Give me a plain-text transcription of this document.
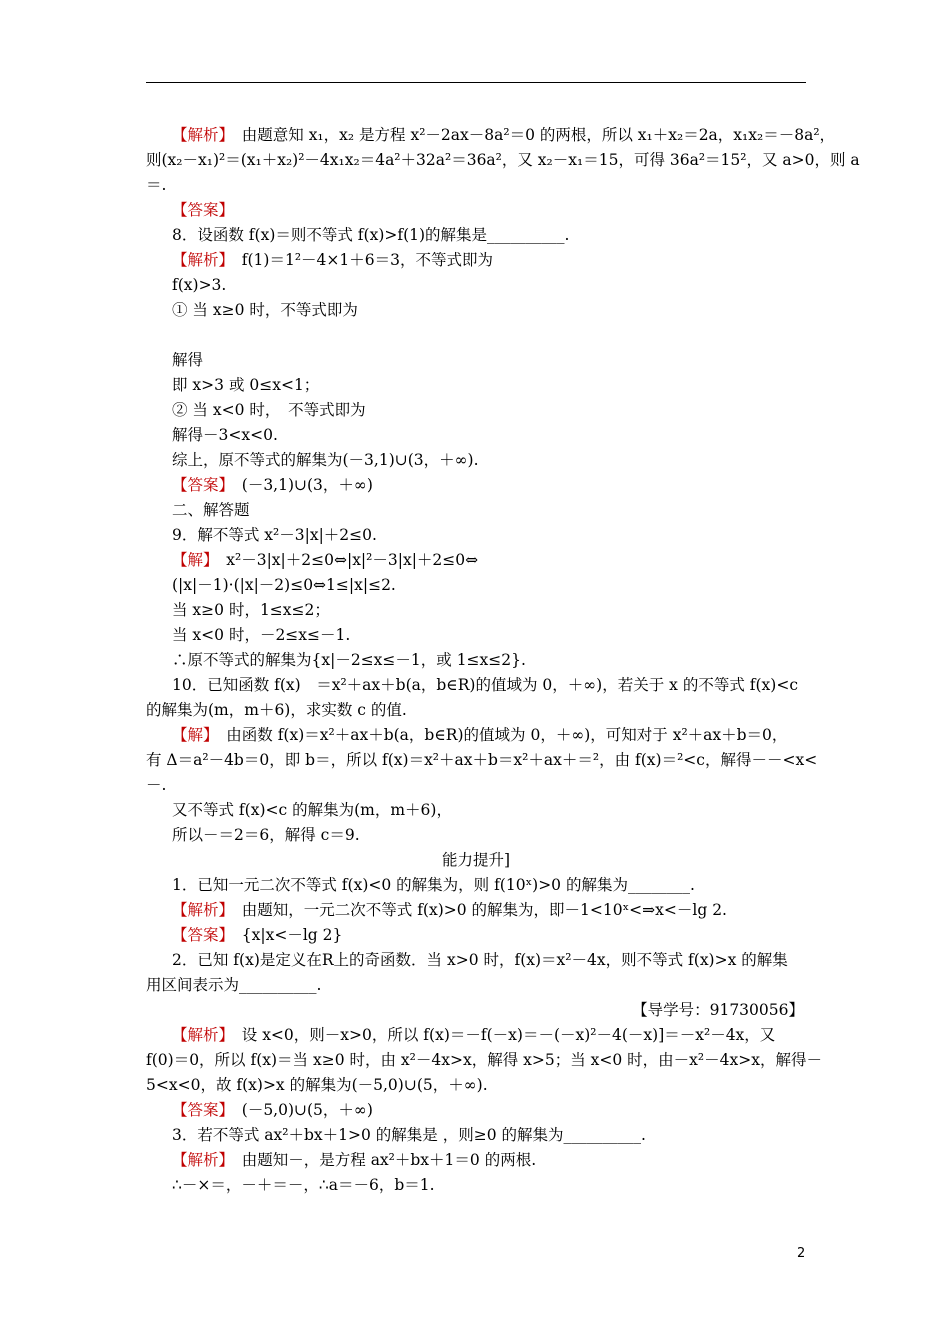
【解析】　由题意知 x₁，x₂ 是方程 x²－2ax－8a²＝0 的两根，所以 x₁＋x₂＝2a，x₁x₂＝－8a²，
则(x₂－x₁)²＝(x₁＋x₂)²－4x₁x₂＝4a²＋32a²＝36a²，又 x₂－x₁＝15，可得 36a²＝15²，又 a>0，则 a
＝.
【答案】
8．设函数 f(x)＝则不等式 f(x)>f(1)的解集是__________.
【解析】　f(1)＝1²－4×1＋6＝3，不等式即为
f(x)>3.
① 当 x≥0 时，不等式即为
解得
即 x>3 或 0≤x<1；
② 当 x<0 时，　不等式即为
解得－3<x<0.
综上，原不等式的解集为(－3,1)∪(3，＋∞).
【答案】　(－3,1)∪(3，＋∞)
二、解答题
9．解不等式 x²－3|x|＋2≤0.
【解】　x²－3|x|＋2≤0⇔|x|²－3|x|＋2≤0⇔
(|x|－1)·(|x|－2)≤0⇔1≤|x|≤2.
当 x≥0 时，1≤x≤2；
当 x<0 时，－2≤x≤－1.
∴原不等式的解集为{x|－2≤x≤－1，或 1≤x≤2}.
10．已知函数 f(x)　＝x²＋ax＋b(a，b∈R)的值域为 0，＋∞)，若关于 x 的不等式 f(x)<c
的解集为(m，m＋6)，求实数 c 的值.
【解】　由函数 f(x)＝x²＋ax＋b(a，b∈R)的值域为 0，＋∞)，可知对于 x²＋ax＋b＝0，
有 Δ＝a²－4b＝0，即 b＝，所以 f(x)＝x²＋ax＋b＝x²＋ax＋＝²，由 f(x)＝²<c，解得－－<x<
－.
又不等式 f(x)<c 的解集为(m，m＋6)，
所以－＝2＝6，解得 c＝9.
能力提升]
1．已知一元二次不等式 f(x)<0 的解集为，则 f(10ˣ)>0 的解集为________.
【解析】　由题知，一元二次不等式 f(x)>0 的解集为，即－1<10ˣ<⇒x<－lg 2.
【答案】　{x|x<－lg 2}
2．已知 f(x)是定义在R上的奇函数．当 x>0 时，f(x)＝x²－4x，则不等式 f(x)>x 的解集
用区间表示为__________.
【导学号：91730056】
【解析】　设 x<0，则－x>0，所以 f(x)＝－f(－x)＝－(－x)²－4(－x)]＝－x²－4x，又
f(0)＝0，所以 f(x)＝当 x≥0 时，由 x²－4x>x，解得 x>5；当 x<0 时，由－x²－4x>x，解得－
5<x<0，故 f(x)>x 的解集为(－5,0)∪(5，＋∞).
【答案】　(－5,0)∪(5，＋∞)
3．若不等式 ax²＋bx＋1>0 的解集是 ，则≥0 的解集为__________.
【解析】　由题知－，是方程 ax²＋bx＋1＝0 的两根.
∴－×＝，－＋＝－，∴a＝－6，b＝1.
2
